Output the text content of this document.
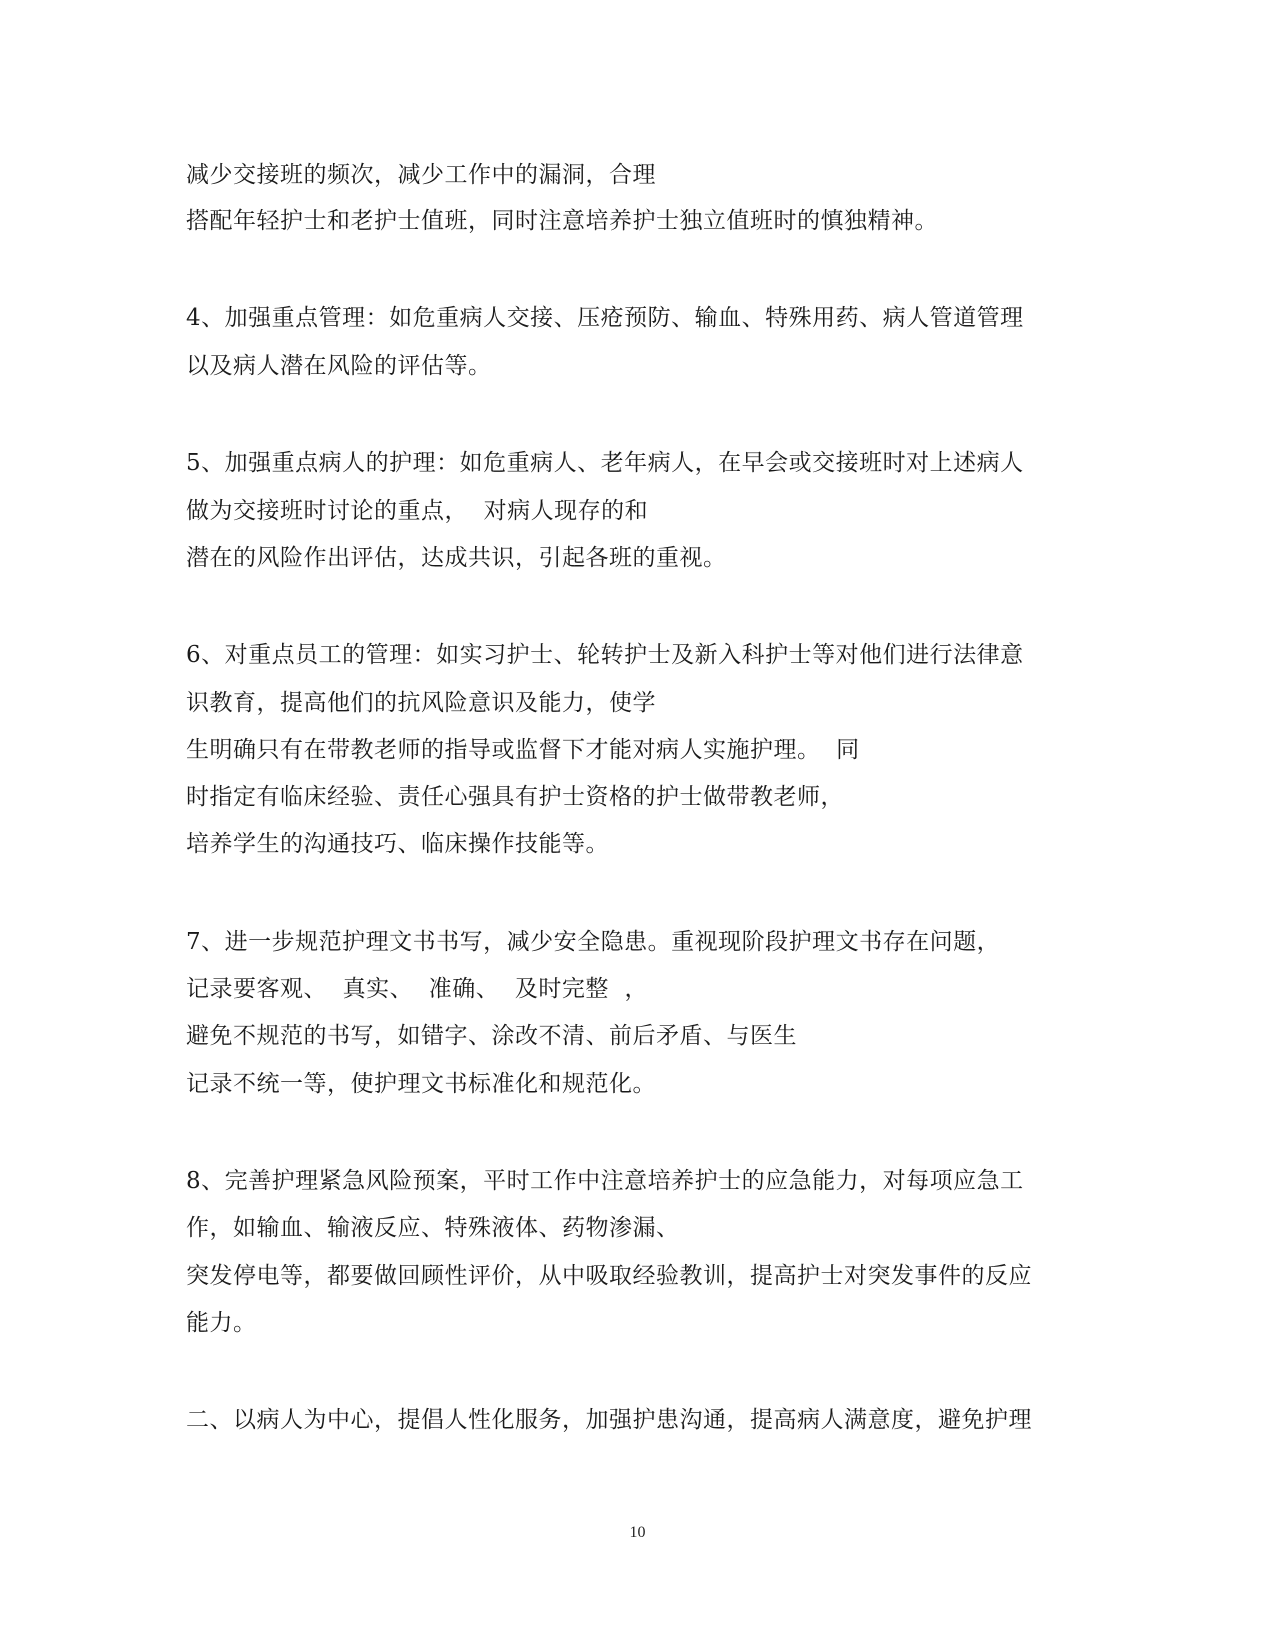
减少交接班的频次，减少工作中的漏洞，合理
搭配年轻护士和老护士值班，同时注意培养护士独立值班时的慎独精神。
4、加强重点管理：如危重病人交接、压疮预防、输血、特殊用药、病人管道管理
以及病人潜在风险的评估等。
5、加强重点病人的护理：如危重病人、老年病人，在早会或交接班时对上述病人
做为交接班时讨论的重点，  对病人现存的和
潜在的风险作出评估，达成共识，引起各班的重视。
6、对重点员工的管理：如实习护士、轮转护士及新入科护士等对他们进行法律意
识教育，提高他们的抗风险意识及能力，使学
生明确只有在带教老师的指导或监督下才能对病人实施护理。  同
时指定有临床经验、责任心强具有护士资格的护士做带教老师，
培养学生的沟通技巧、临床操作技能等。
7、进一步规范护理文书书写，减少安全隐患。重视现阶段护理文书存在问题，
记录要客观、  真实、  准确、  及时完整  ，
避免不规范的书写，如错字、涂改不清、前后矛盾、与医生
记录不统一等，使护理文书标准化和规范化。
8、完善护理紧急风险预案，平时工作中注意培养护士的应急能力，对每项应急工
作，如输血、输液反应、特殊液体、药物渗漏、
突发停电等，都要做回顾性评价，从中吸取经验教训，提高护士对突发事件的反应
能力。
二、以病人为中心，提倡人性化服务，加强护患沟通，提高病人满意度，避免护理
10
